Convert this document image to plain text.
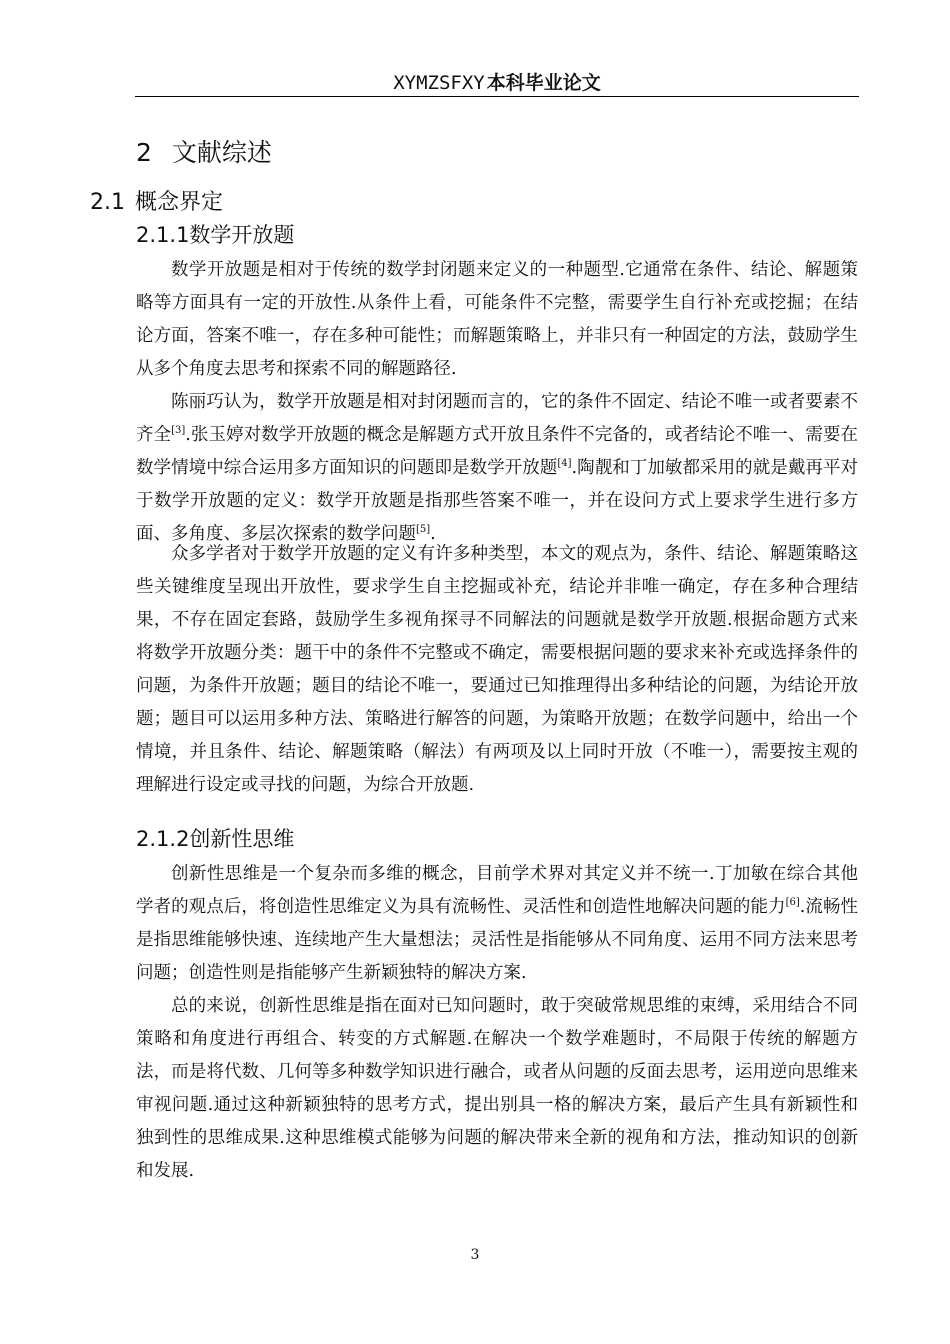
XYMZSFXY 本科毕业论文
2 文献综述
2.1 概念界定
2.1.1数学开放题

数学开放题是相对于传统的数学封闭题来定义的一种题型.它通常在条件、结论、解题策略等方面具有一定的开放性.从条件上看，可能条件不完整，需要学生自行补充或挖掘；在结论方面，答案不唯一，存在多种可能性；而解题策略上，并非只有一种固定的方法，鼓励学生从多个角度去思考和探索不同的解题路径.

陈丽巧认为，数学开放题是相对封闭题而言的，它的条件不固定、结论不唯一或者要素不齐全[3].张玉婷对数学开放题的概念是解题方式开放且条件不完备的，或者结论不唯一、需要在数学情境中综合运用多方面知识的问题即是数学开放题[4].陶靓和丁加敏都采用的就是戴再平对于数学开放题的定义：数学开放题是指那些答案不唯一，并在设问方式上要求学生进行多方面、多角度、多层次探索的数学问题[5].

众多学者对于数学开放题的定义有许多种类型，本文的观点为，条件、结论、解题策略这些关键维度呈现出开放性，要求学生自主挖掘或补充，结论并非唯一确定，存在多种合理结果，不存在固定套路，鼓励学生多视角探寻不同解法的问题就是数学开放题.根据命题方式来将数学开放题分类：题干中的条件不完整或不确定，需要根据问题的要求来补充或选择条件的问题，为条件开放题；题目的结论不唯一，要通过已知推理得出多种结论的问题，为结论开放题；题目可以运用多种方法、策略进行解答的问题，为策略开放题；在数学问题中，给出一个情境，并且条件、结论、解题策略（解法）有两项及以上同时开放（不唯一），需要按主观的理解进行设定或寻找的问题，为综合开放题.

2.1.2创新性思维

创新性思维是一个复杂而多维的概念，目前学术界对其定义并不统一.丁加敏在综合其他学者的观点后，将创造性思维定义为具有流畅性、灵活性和创造性地解决问题的能力[6].流畅性是指思维能够快速、连续地产生大量想法；灵活性是指能够从不同角度、运用不同方法来思考问题；创造性则是指能够产生新颖独特的解决方案.

总的来说，创新性思维是指在面对已知问题时，敢于突破常规思维的束缚，采用结合不同策略和角度进行再组合、转变的方式解题.在解决一个数学难题时，不局限于传统的解题方法，而是将代数、几何等多种数学知识进行融合，或者从问题的反面去思考，运用逆向思维来审视问题.通过这种新颖独特的思考方式，提出别具一格的解决方案，最后产生具有新颖性和独到性的思维成果.这种思维模式能够为问题的解决带来全新的视角和方法，推动知识的创新和发展.

3
